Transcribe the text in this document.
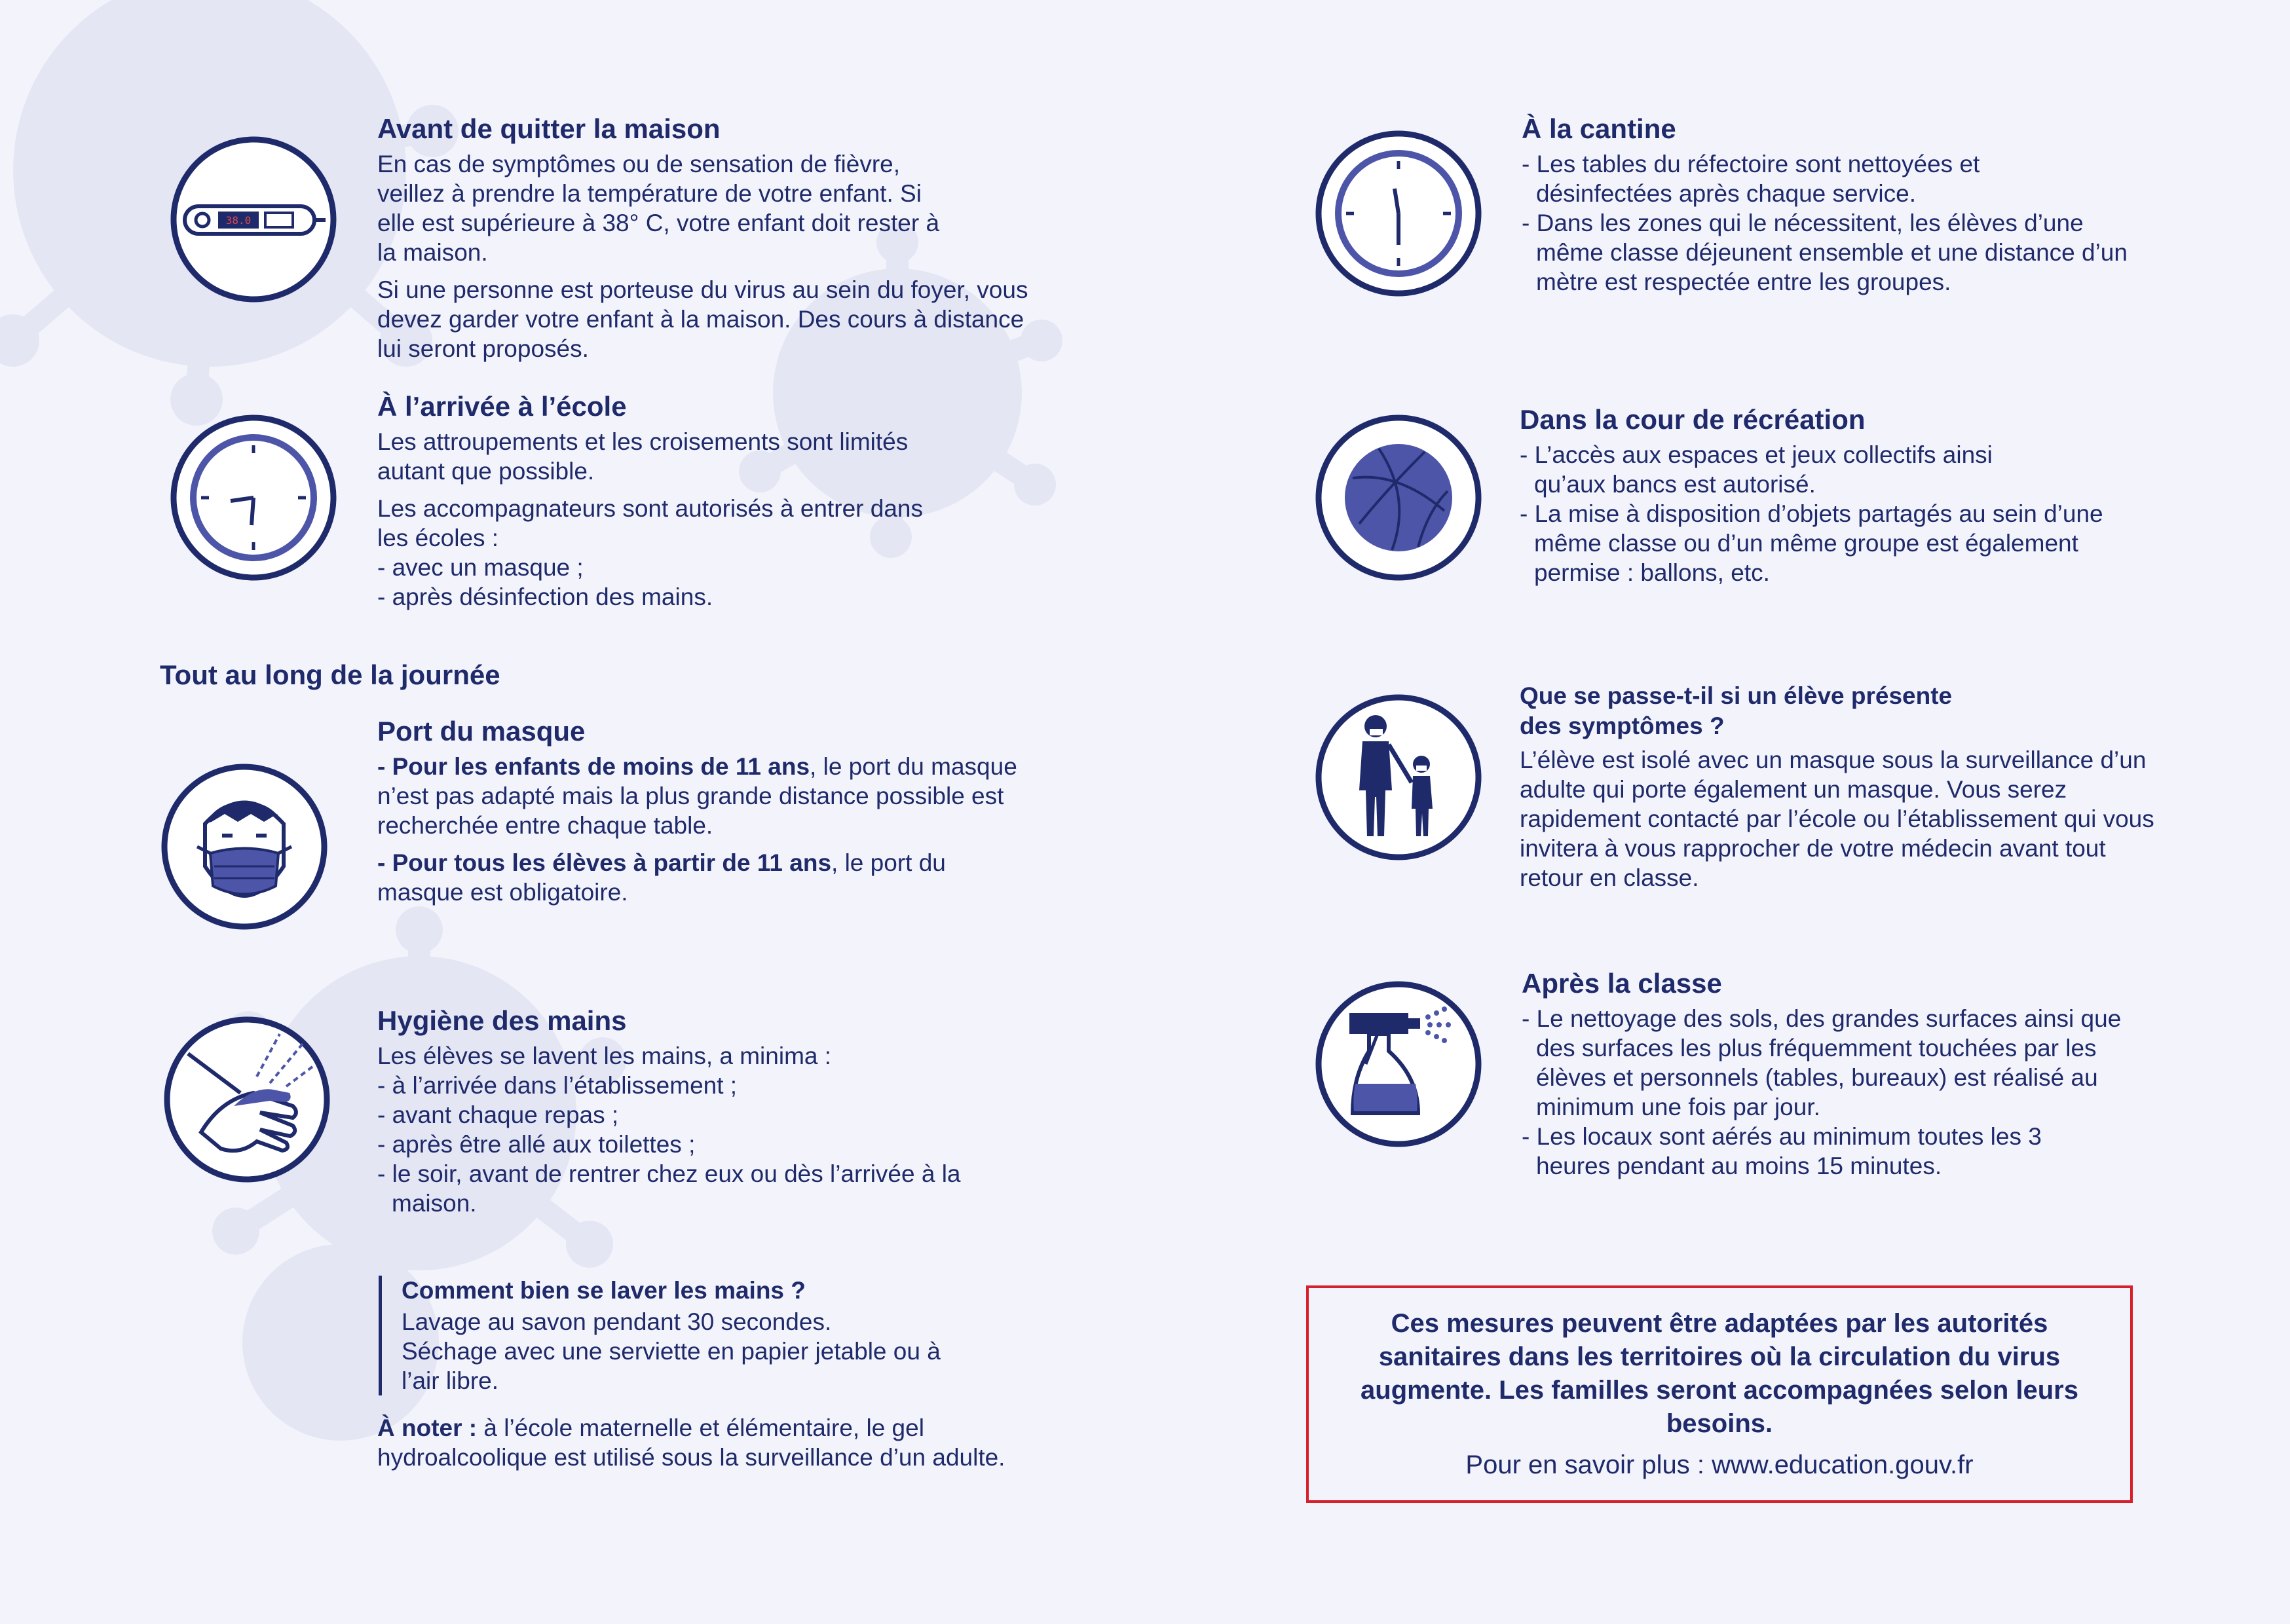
38.0
Avant de quitter la maison

En cas de symptômes ou de sensation de fièvre, veillez à prendre la température de votre enfant. Si elle est supérieure à 38° C, votre enfant doit rester à la maison.

Si une personne est porteuse du virus au sein du foyer, vous devez garder votre enfant à la maison. Des cours à distance lui seront proposés.

À l’arrivée à l’école

Les attroupements et les croisements sont limités autant que possible.

Les accompagnateurs sont autorisés à entrer dans les écoles :

- avec un masque ;
- après désinfection des mains.
Tout au long de la journée
Port du masque

- Pour les enfants de moins de 11 ans, le port du masque n’est pas adapté mais la plus grande distance possible est recherchée entre chaque table.

- Pour tous les élèves à partir de 11 ans, le port du masque est obligatoire.

Hygiène des mains

Les élèves se lavent les mains, a minima :

- à l’arrivée dans l’établissement ;
- avant chaque repas ;
- après être allé aux toilettes ;
- le soir, avant de rentrer chez eux ou dès l’arrivée à la maison.
Comment bien se laver les mains ?

Lavage au savon pendant 30 secondes.

Séchage avec une serviette en papier jetable ou à l’air libre.

À noter : à l’école maternelle et élémentaire, le gel hydroalcoolique est utilisé sous la surveillance d’un adulte.

À la cantine
- Les tables du réfectoire sont nettoyées et désinfectées après chaque service.
- Dans les zones qui le nécessitent, les élèves d’une même classe déjeunent ensemble et une distance d’un mètre est respectée entre les groupes.
Dans la cour de récréation
- L’accès aux espaces et jeux collectifs ainsi qu’aux bancs est autorisé.
- La mise à disposition d’objets partagés au sein d’une même classe ou d’un même groupe est également permise : ballons, etc.
Que se passe-t-il si un élève présente des symptômes ?

L’élève est isolé avec un masque sous la surveillance d’un adulte qui porte également un masque. Vous serez rapidement contacté par l’école ou l’établissement qui vous invitera à vous rapprocher de votre médecin avant tout retour en classe.

Après la classe
- Le nettoyage des sols, des grandes surfaces ainsi que des surfaces les plus fréquemment touchées par les élèves et personnels (tables, bureaux) est réalisé au minimum une fois par jour.
- Les locaux sont aérés au minimum toutes les 3 heures pendant au moins 15 minutes.

Ces mesures peuvent être adaptées par les autorités sanitaires dans les territoires où la circulation du virus augmente. Les familles seront accompagnées selon leurs besoins.

Pour en savoir plus : www.education.gouv.fr
